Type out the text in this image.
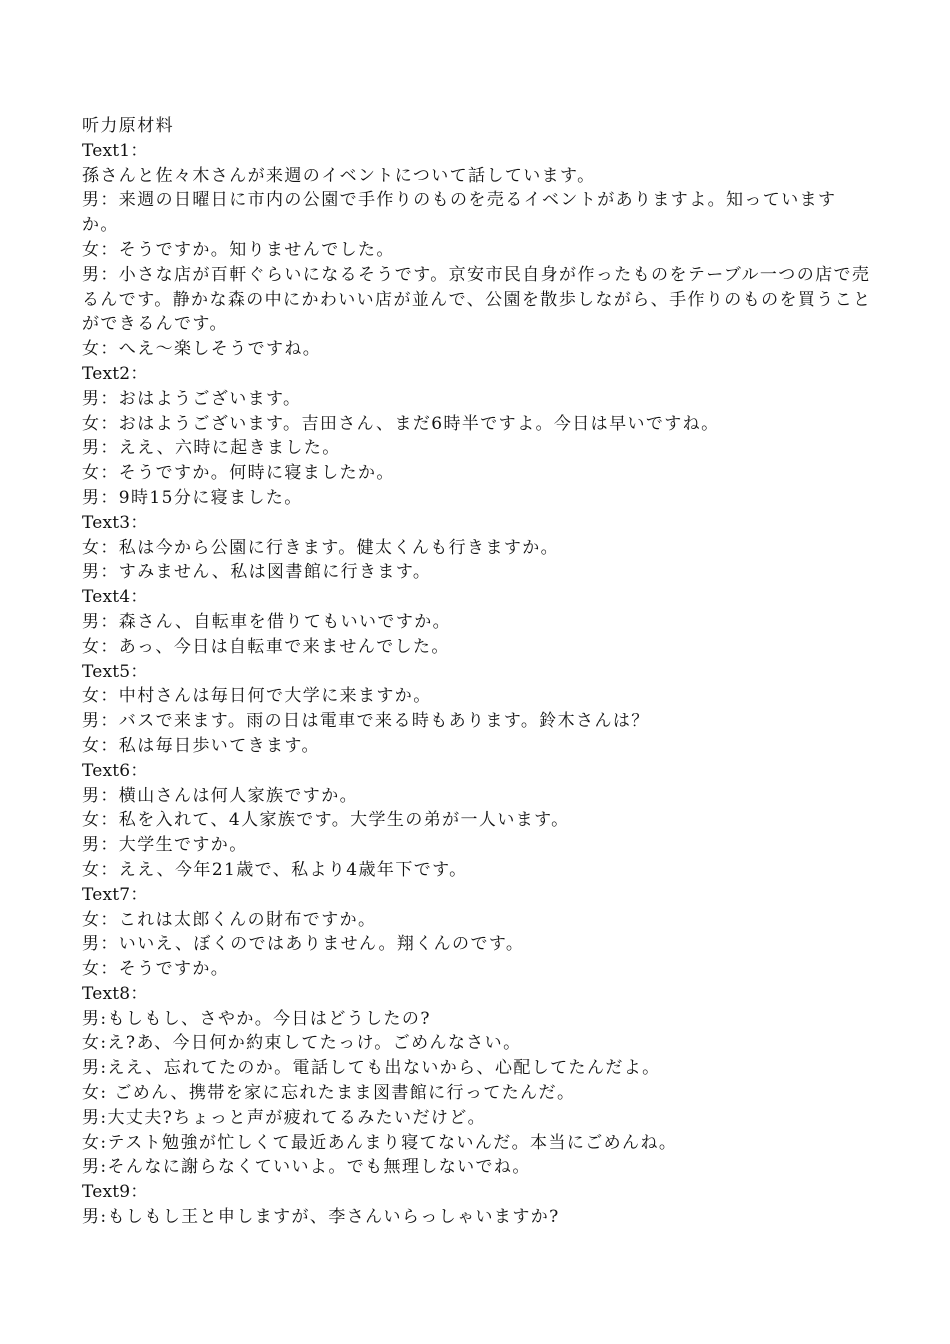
听力原材料

Text1：

孫さんと佐々木さんが来週のイベントについて話しています。

男：来週の日曜日に市内の公園で手作りのものを売るイベントがありますよ。知っていますか。

女：そうですか。知りませんでした。

男：小さな店が百軒ぐらいになるそうです。京安市民自身が作ったものをテーブル一つの店で売るんです。静かな森の中にかわいい店が並んで、公園を散歩しながら、手作りのものを買うことができるんです。

女：へえ～楽しそうですね。

Text2：

男：おはようございます。

女：おはようございます。吉田さん、まだ6時半ですよ。今日は早いですね。

男：ええ、六時に起きました。

女：そうですか。何時に寝ましたか。

男：9時15分に寝ました。

Text3：

女：私は今から公園に行きます。健太くんも行きますか。

男：すみません、私は図書館に行きます。

Text4：

男：森さん、自転車を借りてもいいですか。

女：あっ、今日は自転車で来ませんでした。

Text5：

女：中村さんは毎日何で大学に来ますか。

男：バスで来ます。雨の日は電車で来る時もあります。鈴木さんは？

女：私は毎日歩いてきます。

Text6：

男：横山さんは何人家族ですか。

女：私を入れて、4人家族です。大学生の弟が一人います。

男：大学生ですか。

女：ええ、今年21歳で、私より4歳年下です。

Text7：

女：これは太郎くんの財布ですか。

男：いいえ、ぼくのではありません。翔くんのです。

女：そうですか。

Text8：

男:もしもし、さやか。今日はどうしたの?

女:え?あ、今日何か約束してたっけ。ごめんなさい。

男:ええ、忘れてたのか。電話しても出ないから、心配してたんだよ。

女: ごめん、携帯を家に忘れたまま図書館に行ってたんだ。

男:大丈夫?ちょっと声が疲れてるみたいだけど。

女:テスト勉強が忙しくて最近あんまり寝てないんだ。本当にごめんね。

男:そんなに謝らなくていいよ。でも無理しないでね。

Text9：

男:もしもし王と申しますが、李さんいらっしゃいますか?
